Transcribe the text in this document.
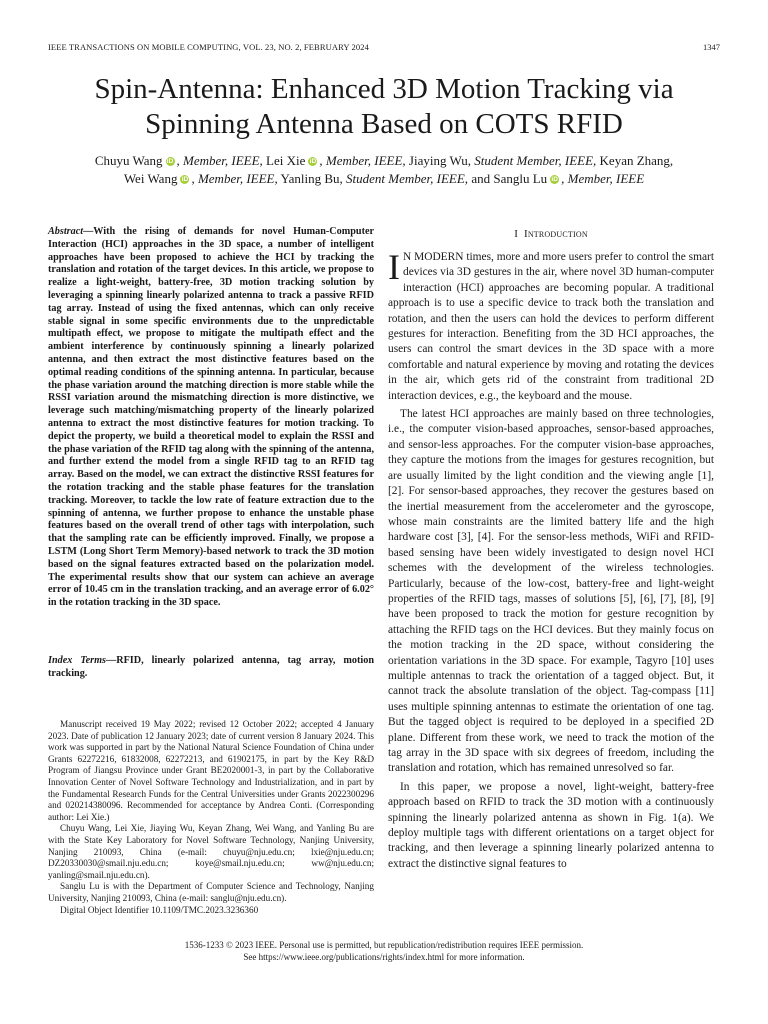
IEEE TRANSACTIONS ON MOBILE COMPUTING, VOL. 23, NO. 2, FEBRUARY 2024	1347
Spin-Antenna: Enhanced 3D Motion Tracking via
Spinning Antenna Based on COTS RFID
Chuyu Wang iD , Member, IEEE, Lei Xie iD , Member, IEEE, Jiaying Wu, Student Member, IEEE, Keyan Zhang,
Wei Wang iD , Member, IEEE, Yanling Bu, Student Member, IEEE, and Sanglu Lu iD , Member, IEEE
Abstract—With the rising of demands for novel Human-Computer Interaction (HCI) approaches in the 3D space, a number of intelligent approaches have been proposed to achieve the HCI by tracking the translation and rotation of the target devices. In this article, we propose to realize a light-weight, battery-free, 3D motion tracking solution by leveraging a spinning linearly polarized antenna to track a passive RFID tag array. Instead of using the fixed antennas, which can only receive stable signal in some specific environments due to the unpredictable multipath effect, we propose to mitigate the multipath effect and the ambient interference by continuously spinning a linearly polarized antenna, and then extract the most distinctive features based on the optimal reading conditions of the spinning antenna. In particular, because the phase variation around the matching direction is more stable while the RSSI variation around the mismatching direction is more distinctive, we leverage such matching/mismatching property of the linearly polarized antenna to extract the most distinctive features for motion tracking. To depict the property, we build a theoretical model to explain the RSSI and the phase variation of the RFID tag along with the spinning of the antenna, and further extend the model from a single RFID tag to an RFID tag array. Based on the model, we can extract the distinctive RSSI features for the rotation tracking and the stable phase features for the translation tracking. Moreover, to tackle the low rate of feature extraction due to the spinning of antenna, we further propose to enhance the unstable phase features based on the overall trend of other tags with interpolation, such that the sampling rate can be efficiently improved. Finally, we propose a LSTM (Long Short Term Memory)-based network to track the 3D motion based on the signal features extracted based on the polarization model. The experimental results show that our system can achieve an average error of 10.45 cm in the translation tracking, and an average error of 6.02° in the rotation tracking in the 3D space.
Index Terms—RFID, linearly polarized antenna, tag array, motion tracking.

Manuscript received 19 May 2022; revised 12 October 2022; accepted 4 January 2023. Date of publication 12 January 2023; date of current version 8 January 2024. This work was supported in part by the National Natural Science Foundation of China under Grants 62272216, 61832008, 62272213, and 61902175, in part by the Key R&D Program of Jiangsu Province under Grant BE2020001-3, in part by the Collaborative Innovation Center of Novel Software Technology and Industrialization, and in part by the Fundamental Research Funds for the Central Universities under Grants 2022300296 and 020214380096. Recommended for acceptance by Andrea Conti. (Corresponding author: Lei Xie.)

Chuyu Wang, Lei Xie, Jiaying Wu, Keyan Zhang, Wei Wang, and Yanling Bu are with the State Key Laboratory for Novel Software Technology, Nanjing University, Nanjing 210093, China (e-mail: chuyu@nju.edu.cn; lxie@nju.edu.cn; DZ20330030@smail.nju.edu.cn; koye@smail.nju.edu.cn; ww@nju.edu.cn; yanling@smail.nju.edu.cn).

Sanglu Lu is with the Department of Computer Science and Technology, Nanjing University, Nanjing 210093, China (e-mail: sanglu@nju.edu.cn).

Digital Object Identifier 10.1109/TMC.2023.3236360

I Introduction

I N MODERN times, more and more users prefer to control the smart devices via 3D gestures in the air, where novel 3D human-computer interaction (HCI) approaches are becoming popular. A traditional approach is to use a specific device to track both the translation and rotation, and then the users can hold the devices to perform different gestures for interaction. Benefiting from the 3D HCI approaches, the users can control the smart devices in the 3D space with a more comfortable and natural experience by moving and rotating the devices in the air, which gets rid of the constraint from traditional 2D interaction devices, e.g., the keyboard and the mouse.

The latest HCI approaches are mainly based on three technologies, i.e., the computer vision-based approaches, sensor-based approaches, and sensor-less approaches. For the computer vision-base approaches, they capture the motions from the images for gestures recognition, but are usually limited by the light condition and the viewing angle [1], [2]. For sensor-based approaches, they recover the gestures based on the inertial measurement from the accelerometer and the gyroscope, whose main constraints are the limited battery life and the high hardware cost [3], [4]. For the sensor-less methods, WiFi and RFID-based sensing have been widely investigated to design novel HCI schemes with the development of the wireless technologies. Particularly, because of the low-cost, battery-free and light-weight properties of the RFID tags, masses of solutions [5], [6], [7], [8], [9] have been proposed to track the motion for gesture recognition by attaching the RFID tags on the HCI devices. But they mainly focus on the motion tracking in the 2D space, without considering the orientation variations in the 3D space. For example, Tagyro [10] uses multiple antennas to track the orientation of a tagged object. But, it cannot track the absolute translation of the object. Tag-compass [11] uses multiple spinning antennas to estimate the orientation of one tag. But the tagged object is required to be deployed in a specified 2D plane. Different from these work, we need to track the motion of the tag array in the 3D space with six degrees of freedom, including the translation and rotation, which has remained unresolved so far.

In this paper, we propose a novel, light-weight, battery-free approach based on RFID to track the 3D motion with a continuously spinning the linearly polarized antenna as shown in Fig. 1(a). We deploy multiple tags with different orientations on a target object for tracking, and then leverage a spinning linearly polarized antenna to extract the distinctive signal features to

1536-1233 © 2023 IEEE. Personal use is permitted, but republication/redistribution requires IEEE permission.
See https://www.ieee.org/publications/rights/index.html for more information.
